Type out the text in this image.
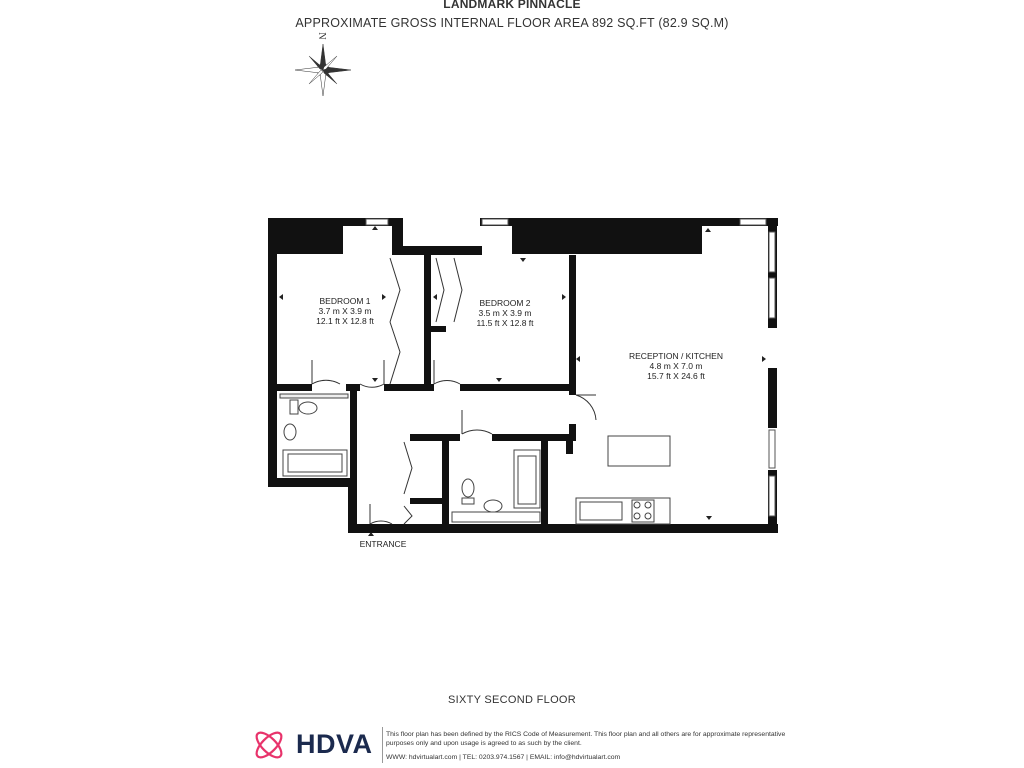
LANDMARK PINNACLE
APPROXIMATE GROSS INTERNAL FLOOR AREA 892 SQ.FT (82.9 SQ.M)
N
BEDROOM 1
3.7 m X 3.9 m
12.1 ft X 12.8 ft
BEDROOM 2
3.5 m X 3.9 m
11.5 ft X 12.8 ft
RECEPTION / KITCHEN
4.8 m X 7.0 m
15.7 ft X 24.6 ft
ENTRANCE
SIXTY SECOND FLOOR
HDVA This floor plan has been defined by the RICS Code of Measurement. This floor plan and all others are for approximate representative purposes only and upon usage is agreed to as such by the client.
WWW: hdvirtualart.com | TEL: 0203.974.1567 | EMAIL: info@hdvirtualart.com
